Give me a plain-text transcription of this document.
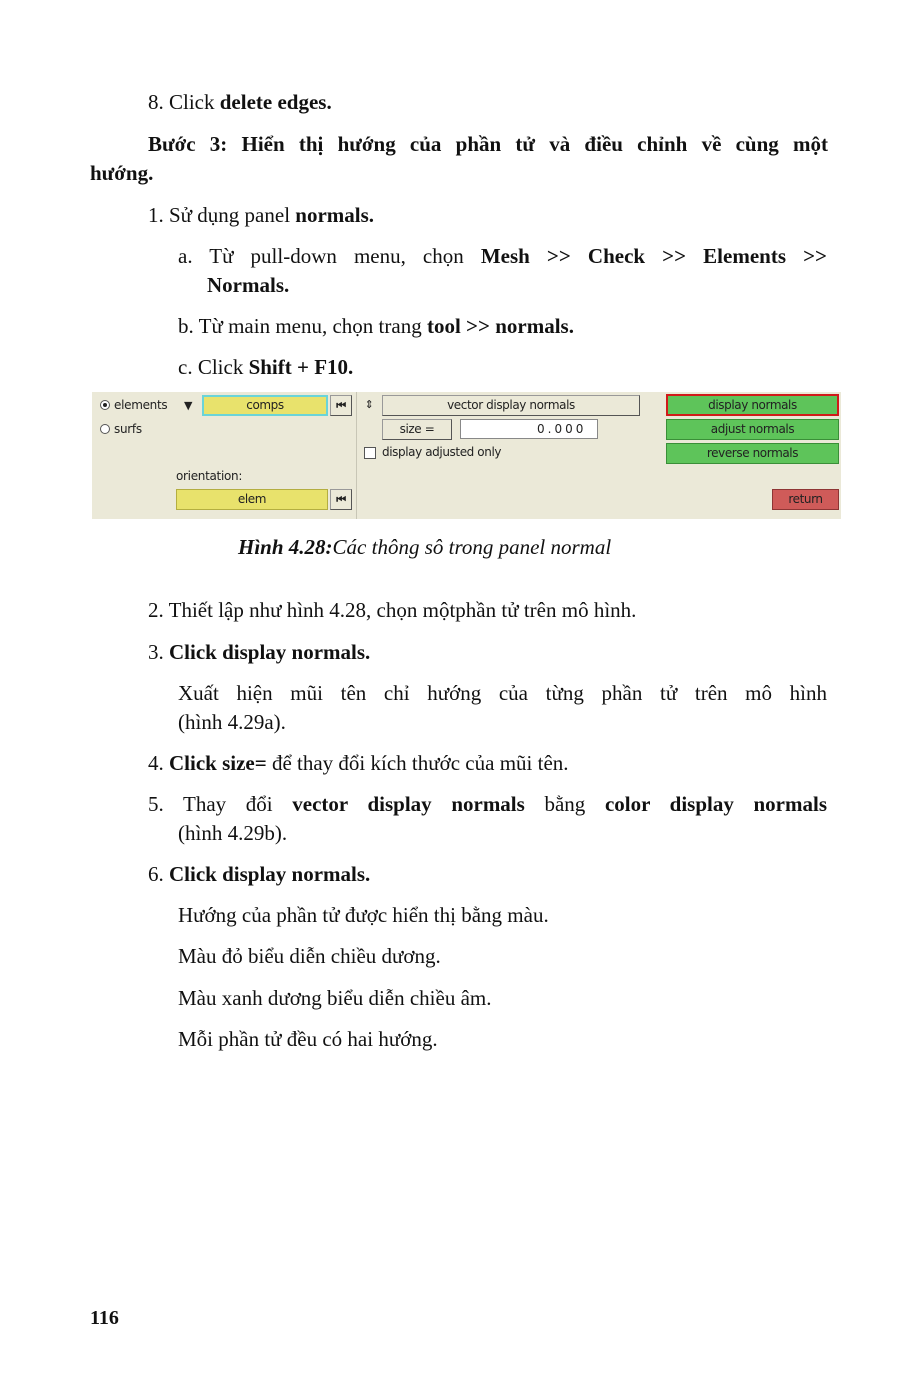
8. Click delete edges.
Bước 3: Hiển thị hướng của phần tử và điều chỉnh về cùng một
hướng.
1. Sử dụng panel normals.
a. Từ pull-down menu, chọn Mesh >> Check >> Elements >>
Normals.
b. Từ main menu, chọn trang tool >> normals.
c. Click Shift + F10.
elements
surfs
▼	comps	⏮
orientation:
elem	⏮
⇕	vector display normals
size =	0 . 0 0 0
display adjusted only
display normals
adjust normals
reverse normals
return
Hình 4.28:Các thông sô trong panel normal
2. Thiết lập như hình 4.28, chọn mộtphần tử trên mô hình.
3. Click display normals.
Xuất hiện mũi tên chỉ hướng của từng phần tử trên mô hình
(hình 4.29a).
4. Click size= để thay đổi kích thước của mũi tên.
5. Thay đổi vector display normals bằng color display normals
(hình 4.29b).
6. Click display normals.
Hướng của phần tử được hiển thị bằng màu.
Màu đỏ biểu diễn chiều dương.
Màu xanh dương biểu diễn chiều âm.
Mỗi phần tử đều có hai hướng.
116
